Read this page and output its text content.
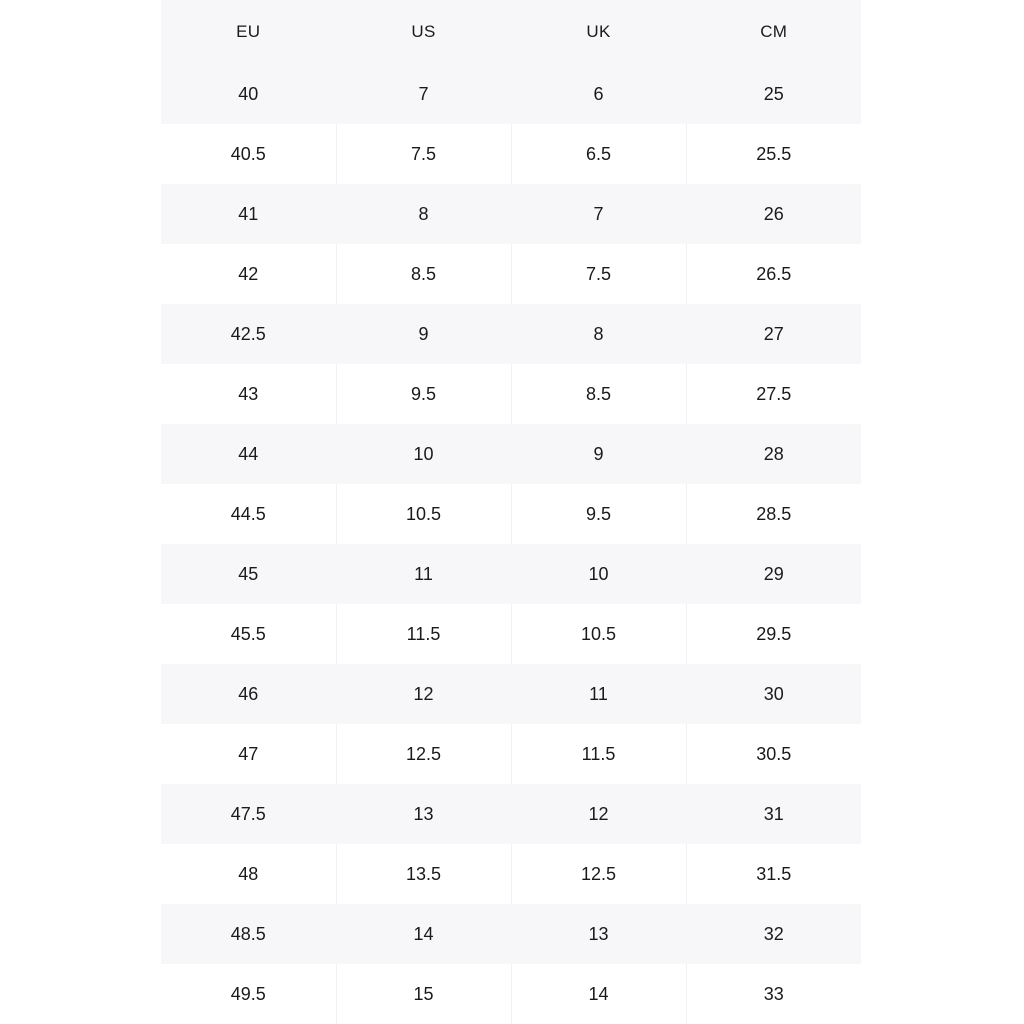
EU	US	UK	CM
40	7	6	25
40.5	7.5	6.5	25.5
41	8	7	26
42	8.5	7.5	26.5
42.5	9	8	27
43	9.5	8.5	27.5
44	10	9	28
44.5	10.5	9.5	28.5
45	11	10	29
45.5	11.5	10.5	29.5
46	12	11	30
47	12.5	11.5	30.5
47.5	13	12	31
48	13.5	12.5	31.5
48.5	14	13	32
49.5	15	14	33
